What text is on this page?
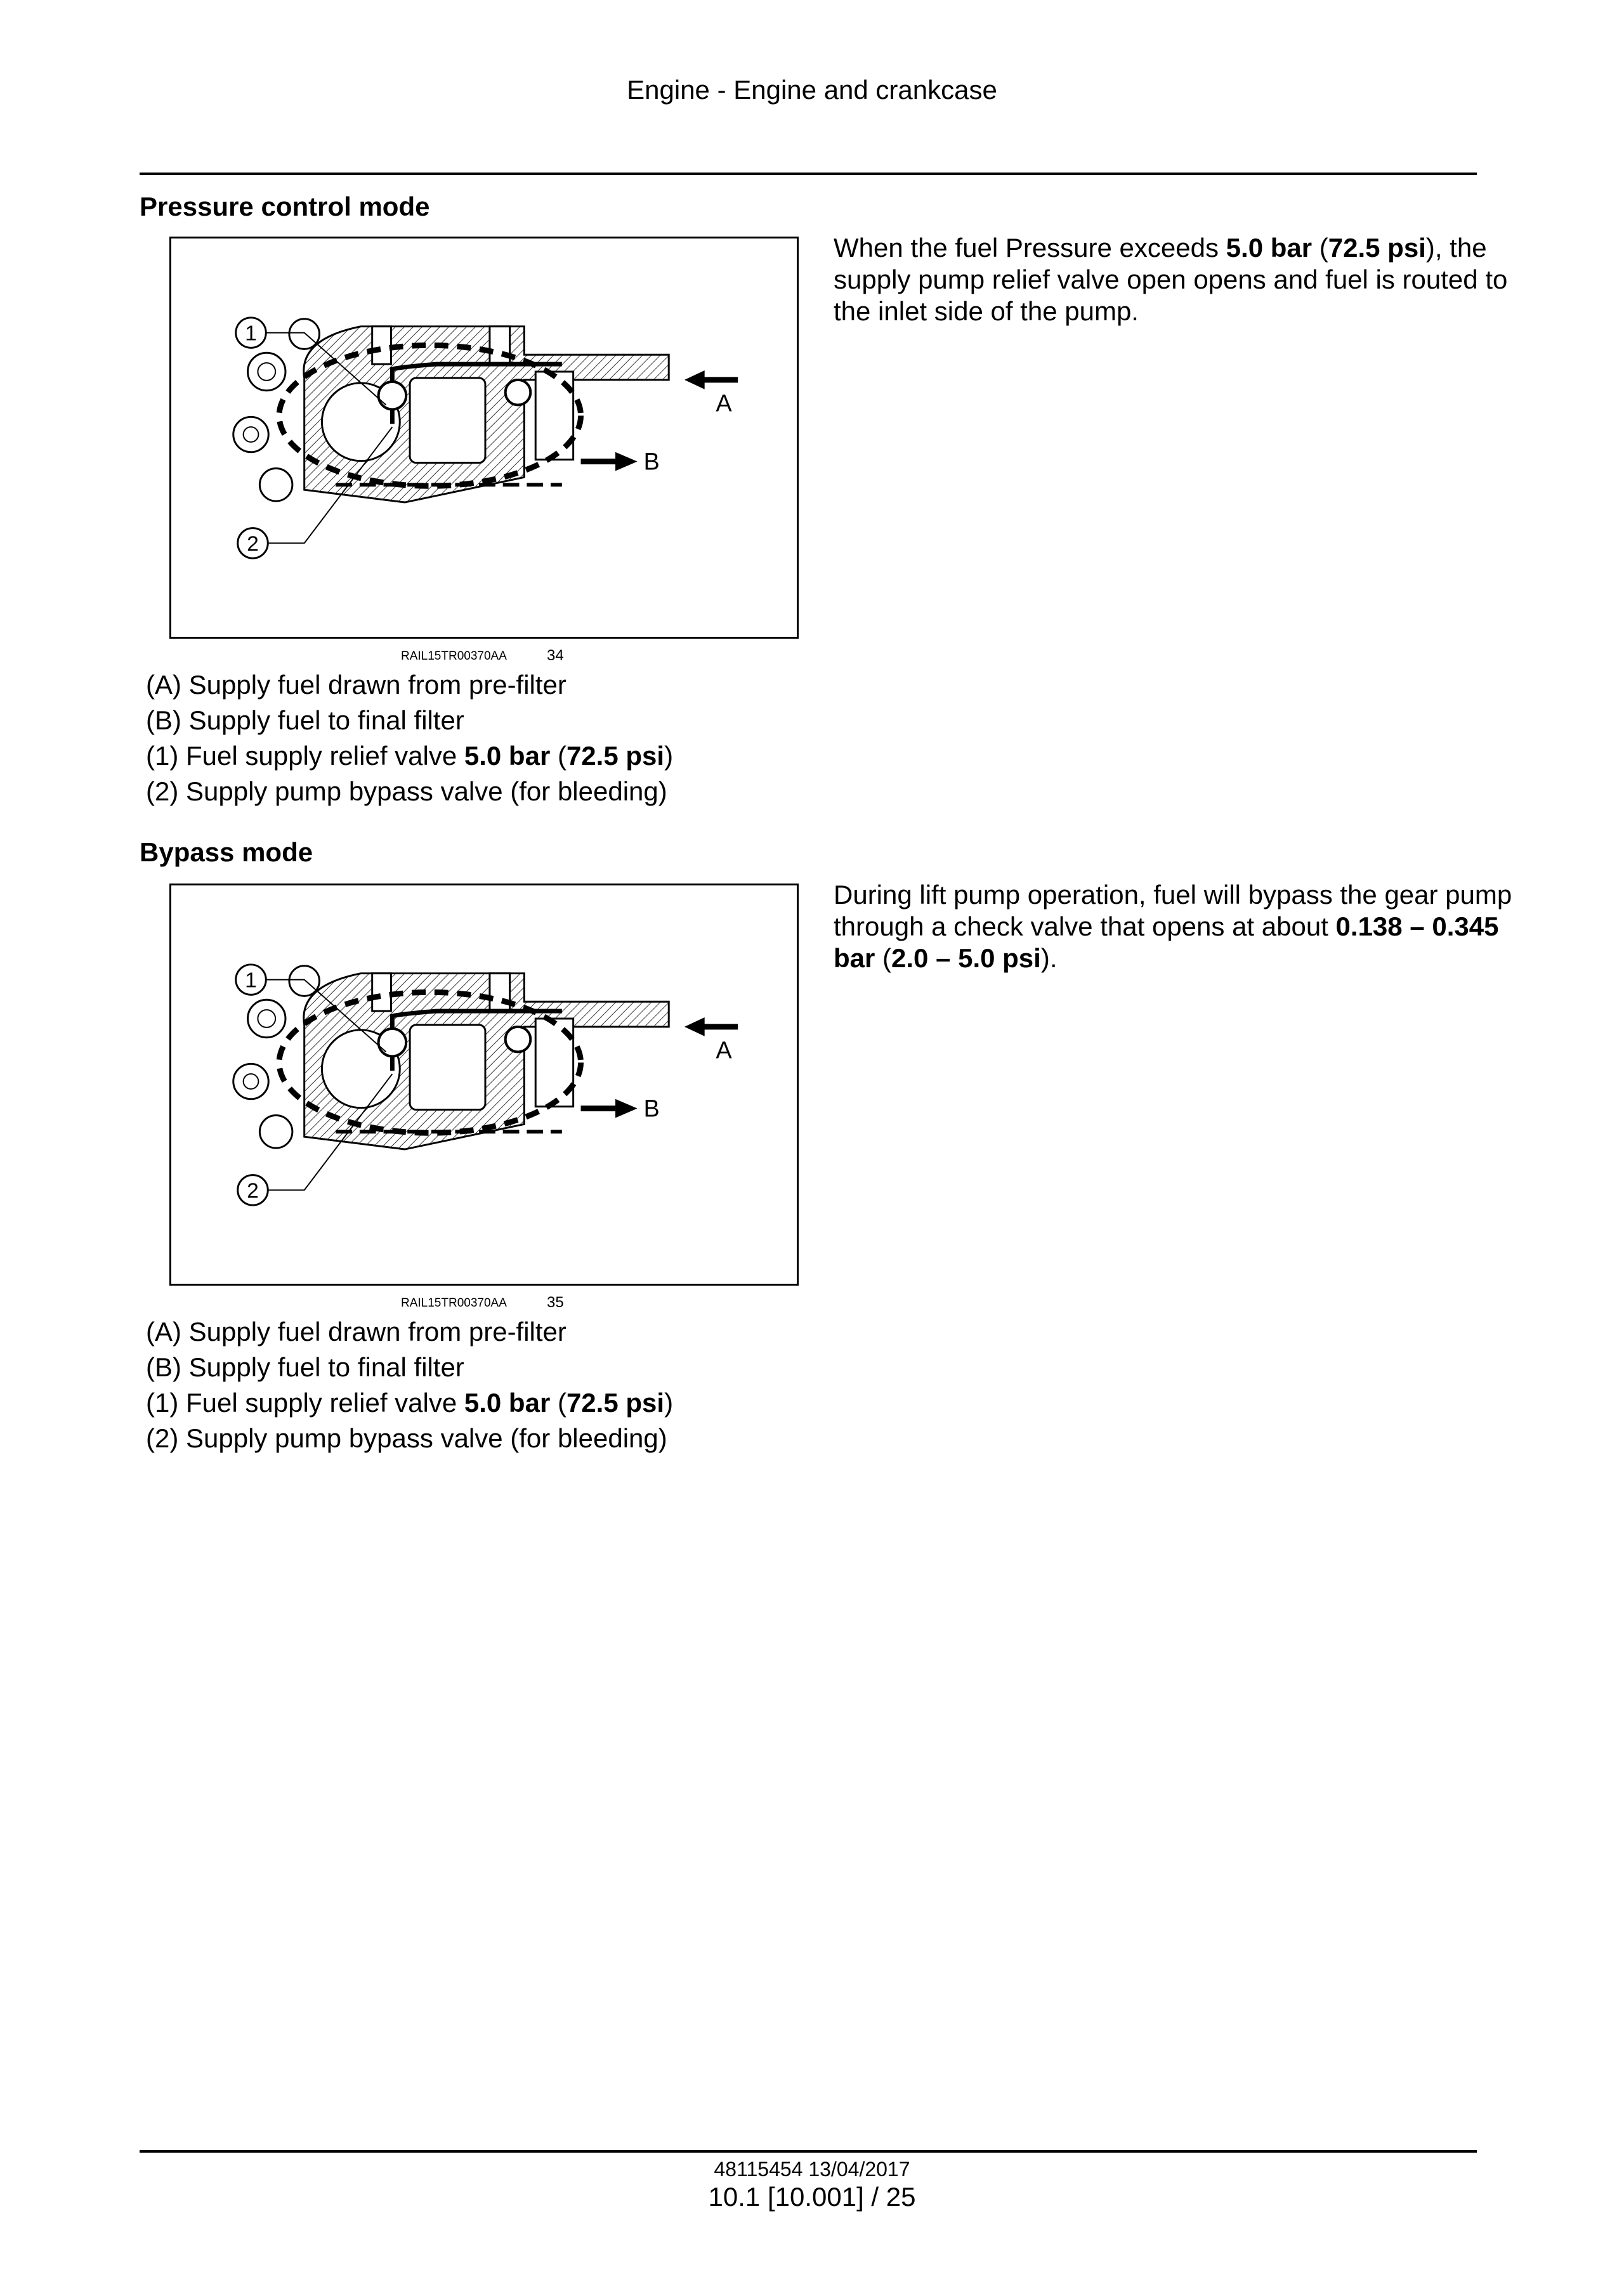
Engine - Engine and crankcase
Pressure control mode
1
2
A
B
RAIL15TR00370AA	34
(A) Supply fuel drawn from pre-filter
(B) Supply fuel to final filter
(1) Fuel supply relief valve 5.0 bar (72.5 psi)
(2) Supply pump bypass valve (for bleeding)
When the fuel Pressure exceeds 5.0 bar (72.5 psi), the supply pump relief valve open opens and fuel is routed to the inlet side of the pump.
Bypass mode
1
2
A
B
RAIL15TR00370AA	35
(A) Supply fuel drawn from pre-filter
(B) Supply fuel to final filter
(1) Fuel supply relief valve 5.0 bar (72.5 psi)
(2) Supply pump bypass valve (for bleeding)
During lift pump operation, fuel will bypass the gear pump through a check valve that opens at about 0.138 – 0.345 bar (2.0 – 5.0 psi).
48115454 13/04/2017
10.1 [10.001] / 25
